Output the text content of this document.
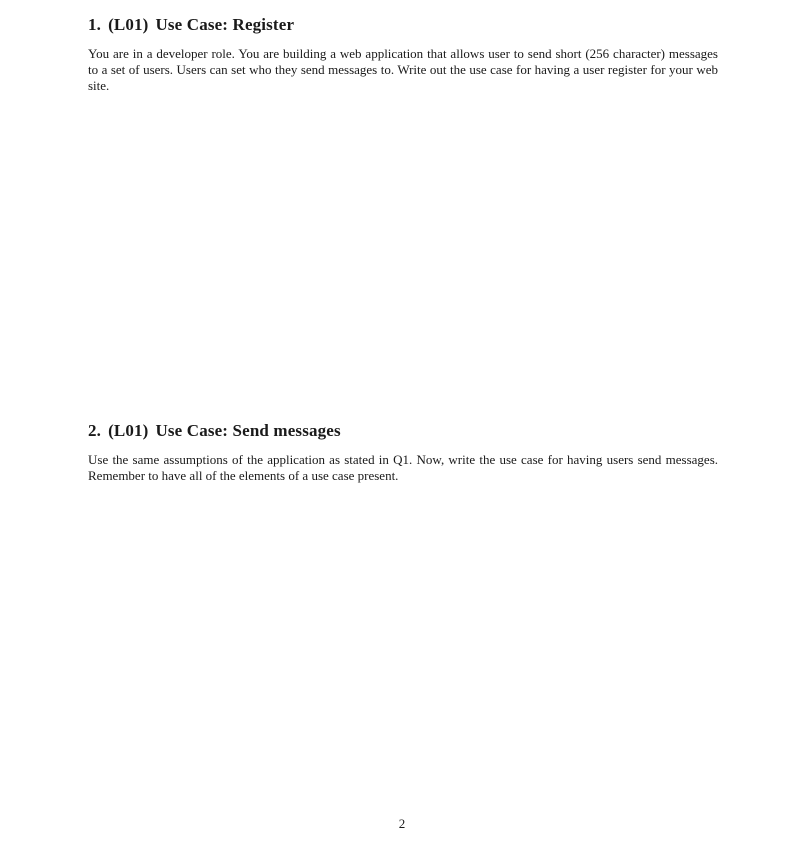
1. (L01) Use Case: Register

You are in a developer role. You are building a web application that allows user to send short (256 character) messages to a set of users. Users can set who they send messages to. Write out the use case for having a user register for your web site.

2. (L01) Use Case: Send messages

Use the same assumptions of the application as stated in Q1. Now, write the use case for having users send messages. Remember to have all of the elements of a use case present.

2
